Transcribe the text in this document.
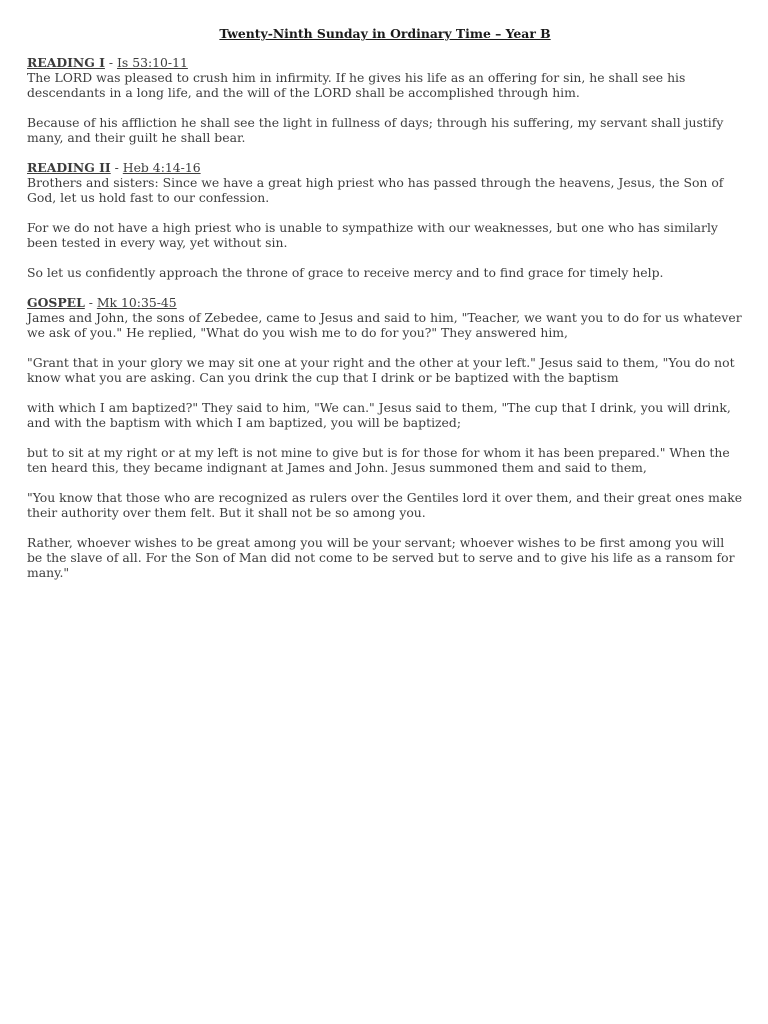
Twenty-Ninth Sunday in Ordinary Time – Year B
READING I - Is 53:10-11

The LORD was pleased to crush him in infirmity. If he gives his life as an offering for sin, he shall see his descendants in a long life, and the will of the LORD shall be accomplished through him.

Because of his affliction he shall see the light in fullness of days; through his suffering, my servant shall justify many, and their guilt he shall bear.

READING II - Heb 4:14-16

Brothers and sisters: Since we have a great high priest who has passed through the heavens, Jesus, the Son of God, let us hold fast to our confession.

For we do not have a high priest who is unable to sympathize with our weaknesses, but one who has similarly been tested in every way, yet without sin.

So let us confidently approach the throne of grace to receive mercy and to find grace for timely help.

GOSPEL - Mk 10:35-45

James and John, the sons of Zebedee, came to Jesus and said to him, "Teacher, we want you to do for us whatever we ask of you." He replied, "What do you wish me to do for you?" They answered him,

"Grant that in your glory we may sit one at your right and the other at your left." Jesus said to them, "You do not know what you are asking. Can you drink the cup that I drink or be baptized with the baptism

with which I am baptized?" They said to him, "We can." Jesus said to them, "The cup that I drink, you will drink, and with the baptism with which I am baptized, you will be baptized;

but to sit at my right or at my left is not mine to give but is for those for whom it has been prepared." When the ten heard this, they became indignant at James and John. Jesus summoned them and said to them,

"You know that those who are recognized as rulers over the Gentiles lord it over them, and their great ones make their authority over them felt. But it shall not be so among you.

Rather, whoever wishes to be great among you will be your servant; whoever wishes to be first among you will be the slave of all. For the Son of Man did not come to be served but to serve and to give his life as a ransom for many."
